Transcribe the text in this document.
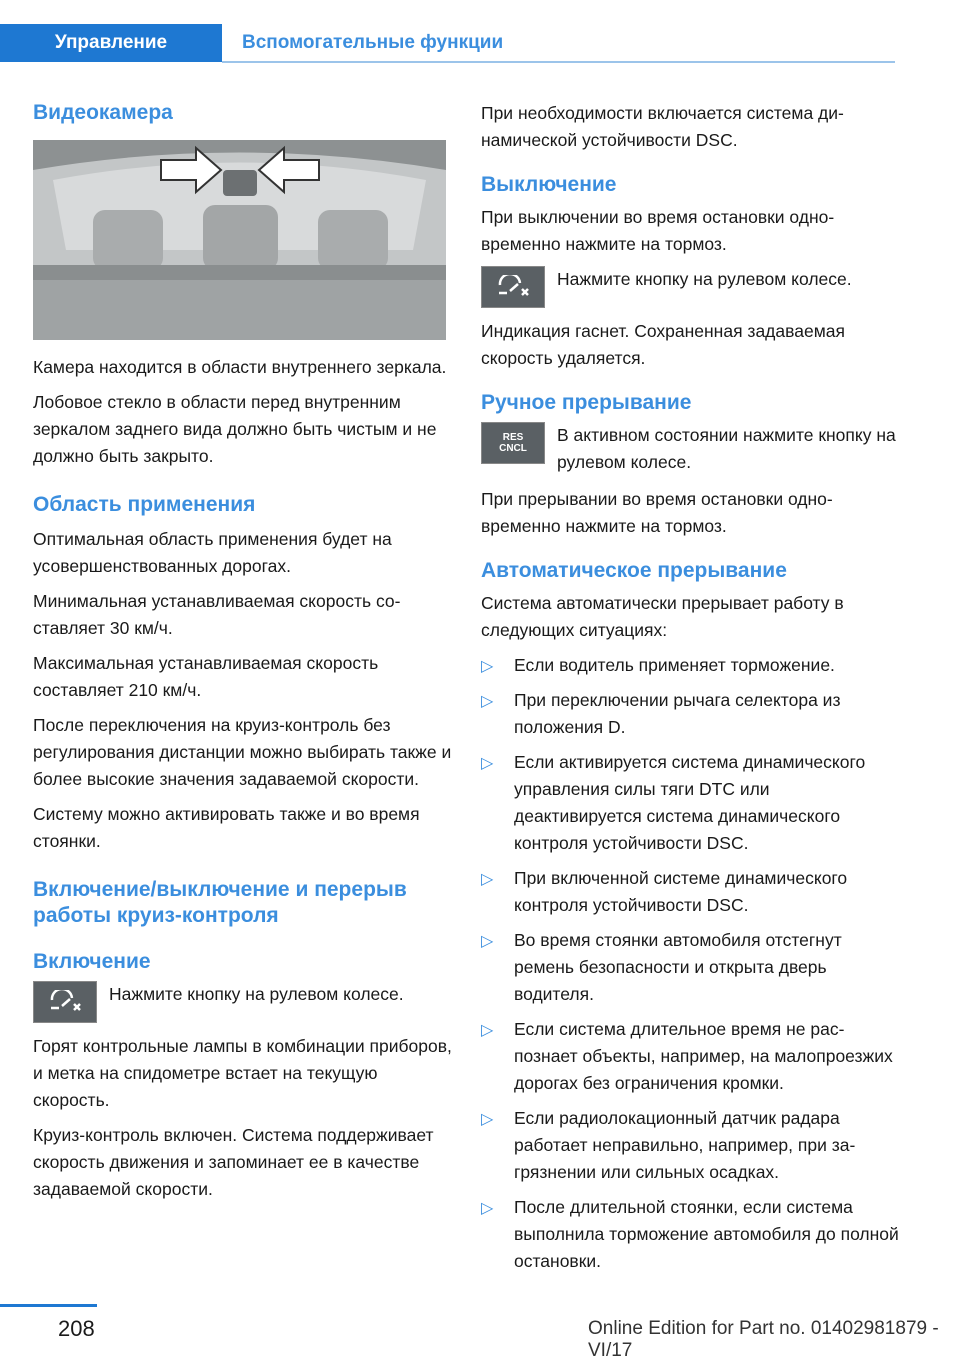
Управление	Вспомогательные функции
Видеокамера

Камера находится в области внутреннего зеркала.

Лобовое стекло в области перед внутренним зеркалом заднего вида должно быть чистым и не должно быть закрыто.

Область применения

Оптимальная область применения будет на усовершенствованных дорогах.

Минимальная устанавливаемая скорость составляет 30 км/ч.

Максимальная устанавливаемая скорость составляет 210 км/ч.

После переключения на круиз-контроль без регулирования дистанции можно выбирать также и более высокие значения задаваемой скорости.

Систему можно активировать также и во время стоянки.

Включение/выключение и перерыв работы круиз-контроля
Включение

Нажмите кнопку на рулевом колесе.

Горят контрольные лампы в комбинации приборов, и метка на спидометре встает на текущую скорость.

Круиз-контроль включен. Система поддерживает скорость движения и запоминает ее в качестве задаваемой скорости.

При необходимости включается система динамической устойчивости DSC.

Выключение

При выключении во время остановки одновременно нажмите на тормоз.

Нажмите кнопку на рулевом колесе.

Индикация гаснет. Сохраненная задаваемая скорость удаляется.

Ручное прерывание
RES CNCL

В активном состоянии нажмите кнопку на рулевом колесе.

При прерывании во время остановки одновременно нажмите на тормоз.

Автоматическое прерывание

Система автоматически прерывает работу в следующих ситуациях:

▷ Если водитель применяет торможение.
▷ При переключении рычага селектора из положения D.
▷ Если активируется система динамического управления силы тяги DTC или деактивируется система динамического контроля устойчивости DSC.
▷ При включенной системе динамического контроля устойчивости DSC.
▷ Во время стоянки автомобиля отстегнут ремень безопасности и открыта дверь водителя.
▷ Если система длительное время не распознает объекты, например, на малопроезжих дорогах без ограничения кромки.
▷ Если радиолокационный датчик радара работает неправильно, например, при загрязнении или сильных осадках.
▷ После длительной стоянки, если система выполнила торможение автомобиля до полной остановки.
208	Online Edition for Part no. 01402981879 - VI/17
